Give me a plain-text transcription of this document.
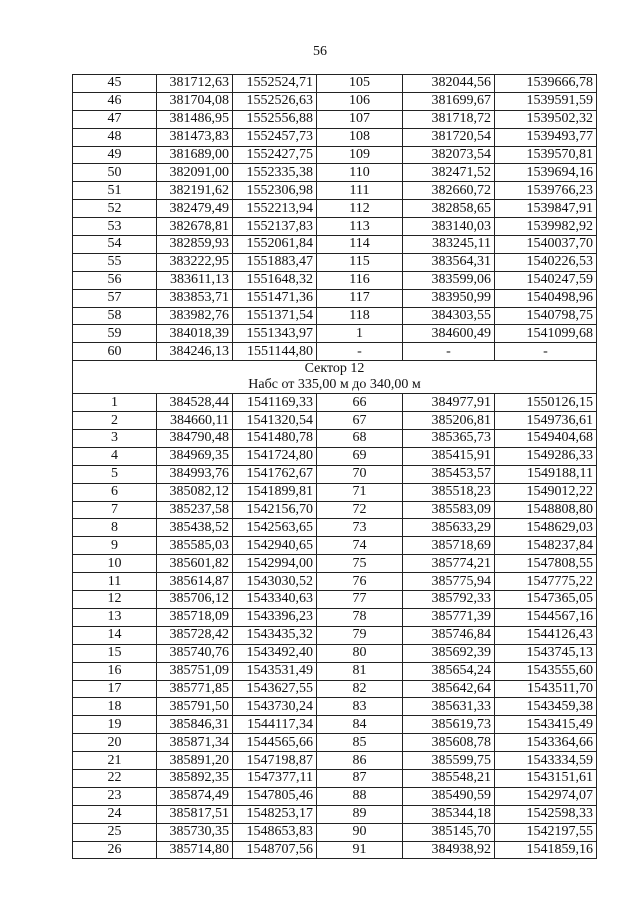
56
45	381712,63	1552524,71	105	382044,56	1539666,78
46	381704,08	1552526,63	106	381699,67	1539591,59
47	381486,95	1552556,88	107	381718,72	1539502,32
48	381473,83	1552457,73	108	381720,54	1539493,77
49	381689,00	1552427,75	109	382073,54	1539570,81
50	382091,00	1552335,38	110	382471,52	1539694,16
51	382191,62	1552306,98	111	382660,72	1539766,23
52	382479,49	1552213,94	112	382858,65	1539847,91
53	382678,81	1552137,83	113	383140,03	1539982,92
54	382859,93	1552061,84	114	383245,11	1540037,70
55	383222,95	1551883,47	115	383564,31	1540226,53
56	383611,13	1551648,32	116	383599,06	1540247,59
57	383853,71	1551471,36	117	383950,99	1540498,96
58	383982,76	1551371,54	118	384303,55	1540798,75
59	384018,39	1551343,97	1	384600,49	1541099,68
60	384246,13	1551144,80	-	-	-

Сектор 12
Набс от 335,00 м до 340,00 м					

1	384528,44	1541169,33	66	384977,91	1550126,15
2	384660,11	1541320,54	67	385206,81	1549736,61
3	384790,48	1541480,78	68	385365,73	1549404,68
4	384969,35	1541724,80	69	385415,91	1549286,33
5	384993,76	1541762,67	70	385453,57	1549188,11
6	385082,12	1541899,81	71	385518,23	1549012,22
7	385237,58	1542156,70	72	385583,09	1548808,80
8	385438,52	1542563,65	73	385633,29	1548629,03
9	385585,03	1542940,65	74	385718,69	1548237,84
10	385601,82	1542994,00	75	385774,21	1547808,55
11	385614,87	1543030,52	76	385775,94	1547775,22
12	385706,12	1543340,63	77	385792,33	1547365,05
13	385718,09	1543396,23	78	385771,39	1544567,16
14	385728,42	1543435,32	79	385746,84	1544126,43
15	385740,76	1543492,40	80	385692,39	1543745,13
16	385751,09	1543531,49	81	385654,24	1543555,60
17	385771,85	1543627,55	82	385642,64	1543511,70
18	385791,50	1543730,24	83	385631,33	1543459,38
19	385846,31	1544117,34	84	385619,73	1543415,49
20	385871,34	1544565,66	85	385608,78	1543364,66
21	385891,20	1547198,87	86	385599,75	1543334,59
22	385892,35	1547377,11	87	385548,21	1543151,61
23	385874,49	1547805,46	88	385490,59	1542974,07
24	385817,51	1548253,17	89	385344,18	1542598,33
25	385730,35	1548653,83	90	385145,70	1542197,55
26	385714,80	1548707,56	91	384938,92	1541859,16
